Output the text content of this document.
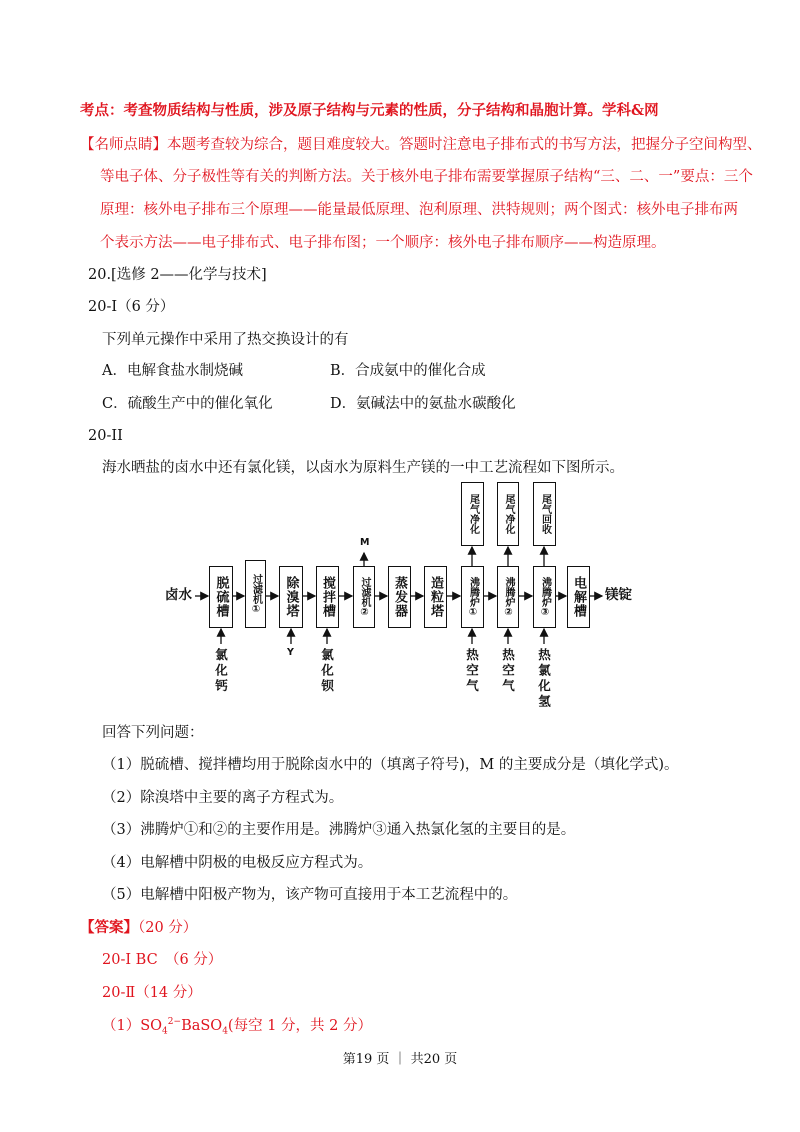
考点：考查物质结构与性质，涉及原子结构与元素的性质，分子结构和晶胞计算。学科&网
【名师点睛】本题考查较为综合，题目难度较大。答题时注意电子排布式的书写方法，把握分子空间构型、
等电子体、分子极性等有关的判断方法。关于核外电子排布需要掌握原子结构“三、二、一”要点：三个
原理：核外电子排布三个原理——能量最低原理、泡利原理、洪特规则；两个图式：核外电子排布两
个表示方法——电子排布式、电子排布图；一个顺序：核外电子排布顺序——构造原理。
20.[选修 2——化学与技术]
20-I（6 分）
下列单元操作中采用了热交换设计的有
A．电解食盐水制烧碱	B．合成氨中的催化合成
C．硫酸生产中的催化氧化	D．氨碱法中的氨盐水碳酸化
20-II
海水晒盐的卤水中还有氯化镁，以卤水为原料生产镁的一中工艺流程如下图所示。
卤水	镁锭
脱硫槽 过滤机① 除溴塔 搅拌槽 过滤机② 蒸发器 造粒塔 沸腾炉① 沸腾炉②	沸腾炉③ 电解槽
尾气净化 尾气净化	尾气回收
M
氯化钙	Y 氯化钡	热空气 热空气 热氯化氢
回答下列问题：
（1）脱硫槽、搅拌槽均用于脱除卤水中的（填离子符号)，M 的主要成分是（填化学式)。
（2）除溴塔中主要的离子方程式为。
（3）沸腾炉①和②的主要作用是。沸腾炉③通入热氯化氢的主要目的是。
（4）电解槽中阴极的电极反应方程式为。
（5）电解槽中阳极产物为，该产物可直接用于本工艺流程中的。
【答案】（20 分）
20-Ⅰ BC　（6 分）
20-Ⅱ（14 分）
$(1)SO_4^{2-}BaSO_4$(每空 1 分，共 2 分）
第19 页 ｜ 共20 页
